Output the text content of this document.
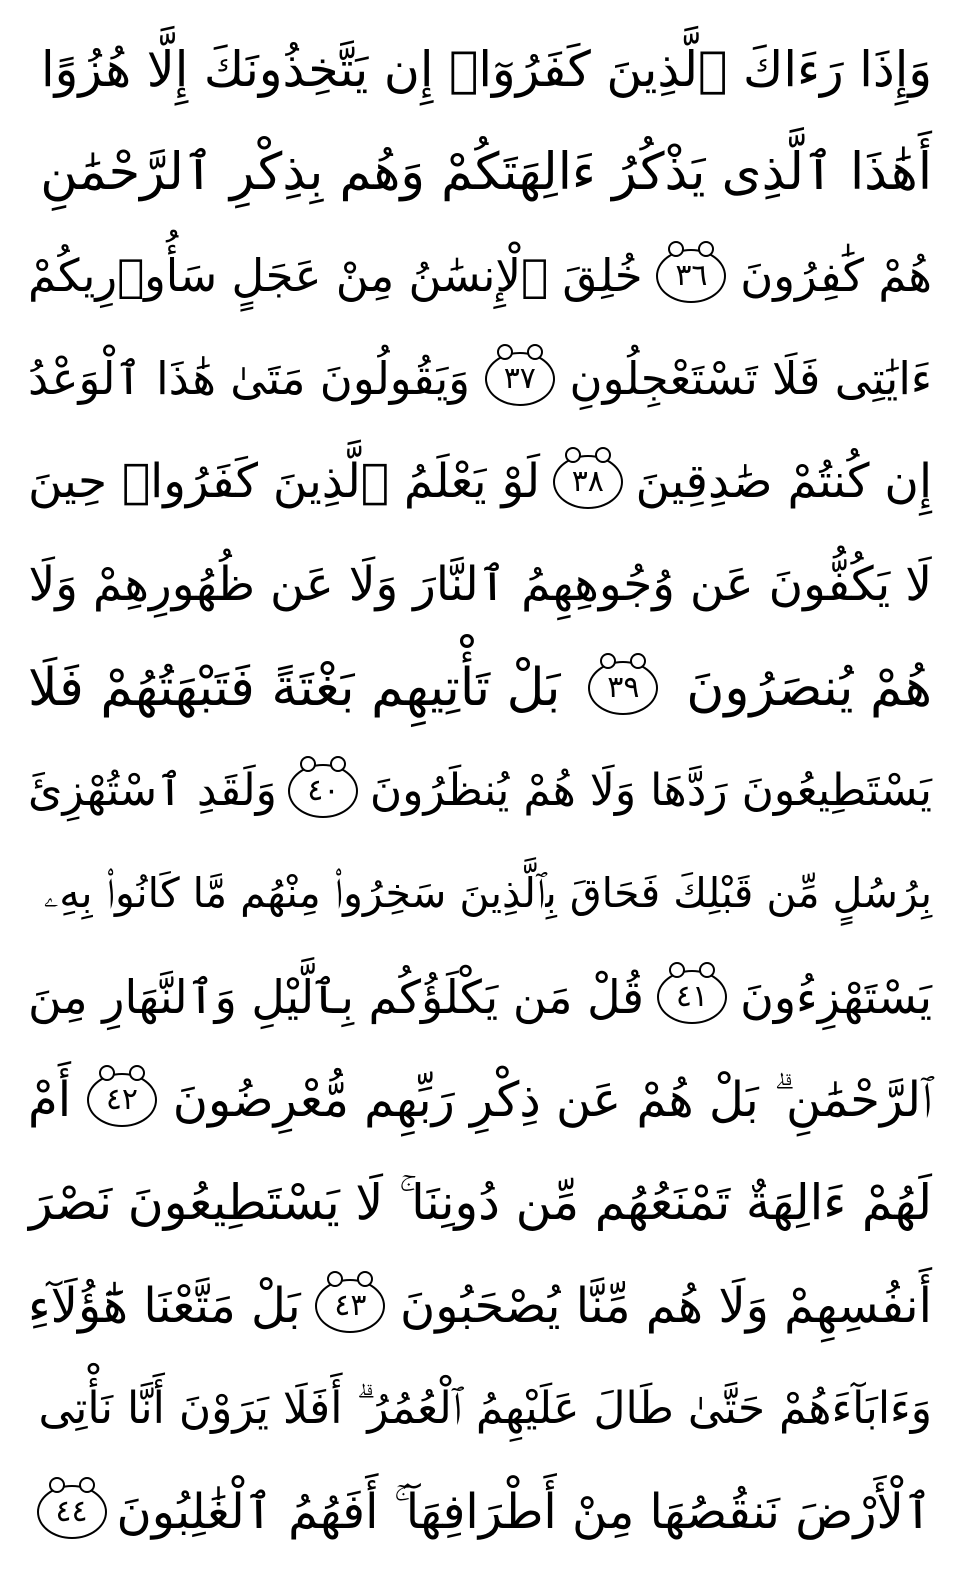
وَإِذَا رَءَاكَ ٱلَّذِينَ كَفَرُوٓا۟ إِن يَتَّخِذُونَكَ إِلَّا هُزُوًا
أَهَٰذَا ٱلَّذِى يَذْكُرُ ءَالِهَتَكُمْ وَهُم بِذِكْرِ ٱلرَّحْمَٰنِ
هُمْ كَٰفِرُونَ
٣٦
خُلِقَ ٱلْإِنسَٰنُ مِنْ عَجَلٍ سَأُو۟رِيكُمْ
ءَايَٰتِى فَلَا تَسْتَعْجِلُونِ
٣٧
وَيَقُولُونَ مَتَىٰ هَٰذَا ٱلْوَعْدُ
إِن كُنتُمْ صَٰدِقِينَ
٣٨
لَوْ يَعْلَمُ ٱلَّذِينَ كَفَرُوا۟ حِينَ
لَا يَكُفُّونَ عَن وُجُوهِهِمُ ٱلنَّارَ وَلَا عَن ظُهُورِهِمْ وَلَا
هُمْ يُنصَرُونَ
٣٩
بَلْ تَأْتِيهِم بَغْتَةً فَتَبْهَتُهُمْ فَلَا
يَسْتَطِيعُونَ رَدَّهَا وَلَا هُمْ يُنظَرُونَ
٤٠
وَلَقَدِ ٱسْتُهْزِئَ
بِرُسُلٍ مِّن قَبْلِكَ فَحَاقَ بِٱلَّذِينَ سَخِرُوا۟ مِنْهُم مَّا كَانُوا۟ بِهِۦ
يَسْتَهْزِءُونَ
٤١
قُلْ مَن يَكْلَؤُكُم بِٱلَّيْلِ وَٱلنَّهَارِ مِنَ
ٱلرَّحْمَٰنِ ۗ بَلْ هُمْ عَن ذِكْرِ رَبِّهِم مُّعْرِضُونَ
٤٢
أَمْ
لَهُمْ ءَالِهَةٌ تَمْنَعُهُم مِّن دُونِنَا ۚ لَا يَسْتَطِيعُونَ نَصْرَ
أَنفُسِهِمْ وَلَا هُم مِّنَّا يُصْحَبُونَ
٤٣
بَلْ مَتَّعْنَا هَٰٓؤُلَآءِ
وَءَابَآءَهُمْ حَتَّىٰ طَالَ عَلَيْهِمُ ٱلْعُمُرُ ۗ أَفَلَا يَرَوْنَ أَنَّا نَأْتِى
ٱلْأَرْضَ نَنقُصُهَا مِنْ أَطْرَافِهَآ ۚ أَفَهُمُ ٱلْغَٰلِبُونَ
٤٤
